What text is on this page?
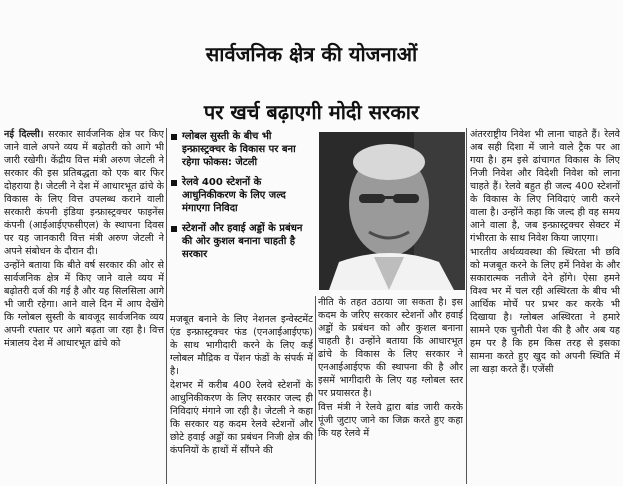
सार्वजनिक क्षेत्र की योजनाओं
पर खर्च बढ़ाएगी मोदी सरकार

नई दिल्ली। सरकार सार्वजनिक क्षेत्र पर किए जाने वाले अपने व्यय में बढ़ोतरी को आगे भी जारी रखेगी। केंद्रीय वित्त मंत्री अरुण जेटली ने सरकार की इस प्रतिबद्धता को एक बार फिर दोहराया है। जेटली ने देश में आधारभूत ढांचे के विकास के लिए वित्त उपलब्ध कराने वाली सरकारी कंपनी इंडिया इन्फ्रास्ट्रक्चर फाइनेंस कंपनी (आईआईएफसीएल) के स्थापना दिवस पर यह जानकारी वित्त मंत्री अरुण जेटली ने अपने संबोधन के दौरान दी।

उन्होंने बताया कि बीते वर्ष सरकार की ओर से सार्वजनिक क्षेत्र में किए जाने वाले व्यय में बढ़ोतरी दर्ज की गई है और यह सिलसिला आगे भी जारी रहेगा। आने वाले दिन में आप देखेंगे कि ग्लोबल सुस्ती के बावजूद सार्वजनिक व्यय अपनी रफ्तार पर आगे बढ़ता जा रहा है। वित्त मंत्रालय देश में आधारभूत ढांचे को

ग्लोबल सुस्ती के बीच भी इन्फ्रास्ट्रक्चर के विकास पर बना रहेगा फोकस: जेटली
रेलवे 400 स्टेशनों के आधुनिकीकरण के लिए जल्द मंगाएगा निविदा
स्टेशनों और हवाई अड्डों के प्रबंधन की ओर कुशल बनाना चाहती है सरकार

मजबूत बनाने के लिए नेशनल इन्वेस्टमेंट एंड इन्फ्रास्ट्रक्चर फंड (एनआईआईएफ) के साथ भागीदारी करने के लिए कई ग्लोबल मौद्रिक व पेंशन फंडों के संपर्क में है।

देशभर में करीब 400 रेलवे स्टेशनों के आधुनिकीकरण के लिए सरकार जल्द ही निविदाएं मंगाने जा रही है। जेटली ने कहा कि सरकार यह कदम रेलवे स्टेशनों और छोटे हवाई अड्डों का प्रबंधन निजी क्षेत्र की कंपनियों के हाथों में सौंपने की

नीति के तहत उठाया जा सकता है। इस कदम के जरिए सरकार स्टेशनों और हवाई अड्डों के प्रबंधन को और कुशल बनाना चाहती है। उन्होंने बताया कि आधारभूत ढांचे के विकास के लिए सरकार ने एनआईआईएफ की स्थापना की है और इसमें भागीदारी के लिए यह ग्लोबल स्तर पर प्रयासरत है।

वित्त मंत्री ने रेलवे द्वारा बांड जारी करके पूंजी जुटाए जाने का जिक्र करते हुए कहा कि यह रेलवे में

अंतरराष्ट्रीय निवेश भी लाना चाहते हैं। रेलवे अब सही दिशा में जाने वाले ट्रैक पर आ गया है। हम इसे ढांचागत विकास के लिए निजी निवेश और विदेशी निवेश को लाना चाहते हैं। रेलवे बहुत ही जल्द 400 स्टेशनों के विकास के लिए निविदाएं जारी करने वाला है। उन्होंने कहा कि जल्द ही वह समय आने वाला है, जब इन्फ्रास्ट्रक्चर सेक्टर में गंभीरता के साथ निवेश किया जाएगा।

भारतीय अर्थव्यवस्था की स्थिरता भी छवि को मजबूत करने के लिए हमें निवेश के और सकारात्मक नतीजे देने होंगे। ऐसा हमने विश्व भर में चल रही अस्थिरता के बीच भी आर्थिक मोर्चे पर प्रभर कर करके भी दिखाया है। ग्लोबल अस्थिरता ने हमारे सामने एक चुनौती पेश की है और अब यह हम पर है कि हम किस तरह से इसका सामना करते हुए खुद को अपनी स्थिति में ला खड़ा करते हैं। एजेंसी
